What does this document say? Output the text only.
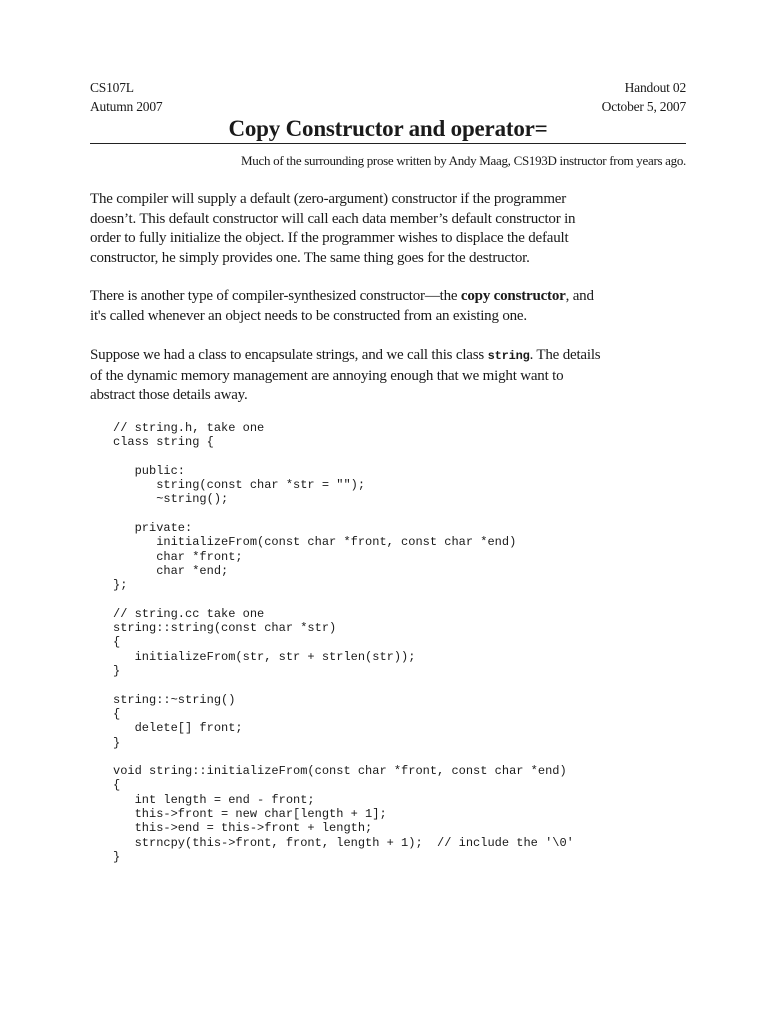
CS107L	Handout 02
Autumn 2007	October 5, 2007
Copy Constructor and operator=
Much of the surrounding prose written by Andy Maag, CS193D instructor from years ago.
The compiler will supply a default (zero-argument) constructor if the programmer
doesn’t. This default constructor will call each data member’s default constructor in
order to fully initialize the object. If the programmer wishes to displace the default
constructor, he simply provides one. The same thing goes for the destructor.
There is another type of compiler-synthesized constructor—the copy constructor, and
it's called whenever an object needs to be constructed from an existing one.
Suppose we had a class to encapsulate strings, and we call this class string. The details
of the dynamic memory management are annoying enough that we might want to
abstract those details away.
// string.h, take one
class string {
public:
string(const char *str = "");
~string();
private:
initializeFrom(const char *front, const char *end)
char *front;
char *end;
};
// string.cc take one
string::string(const char *str)
{
initializeFrom(str, str + strlen(str));
}
string::~string()
{
delete[] front;
}
void string::initializeFrom(const char *front, const char *end)
{
int length = end - front;
this->front = new char[length + 1];
this->end = this->front + length;
strncpy(this->front, front, length + 1);  // include the '\0'
}
